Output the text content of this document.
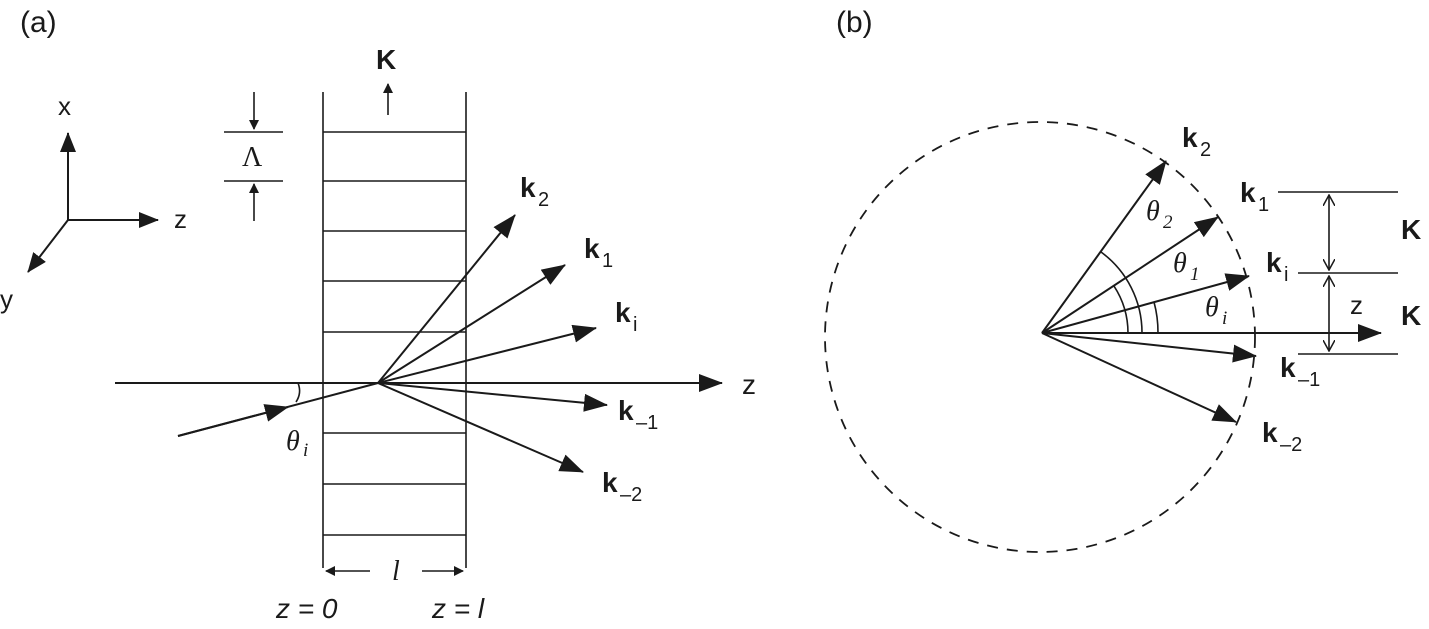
(a)
x
z
y
K
Λ
z
θ i
k 2
k 1
k i
k –1
k –2
l
z = 0	z = l
(b)
θ 2
θ 1
θ i
k 2
k 1
k i
k –1
k –2
z
K
K
